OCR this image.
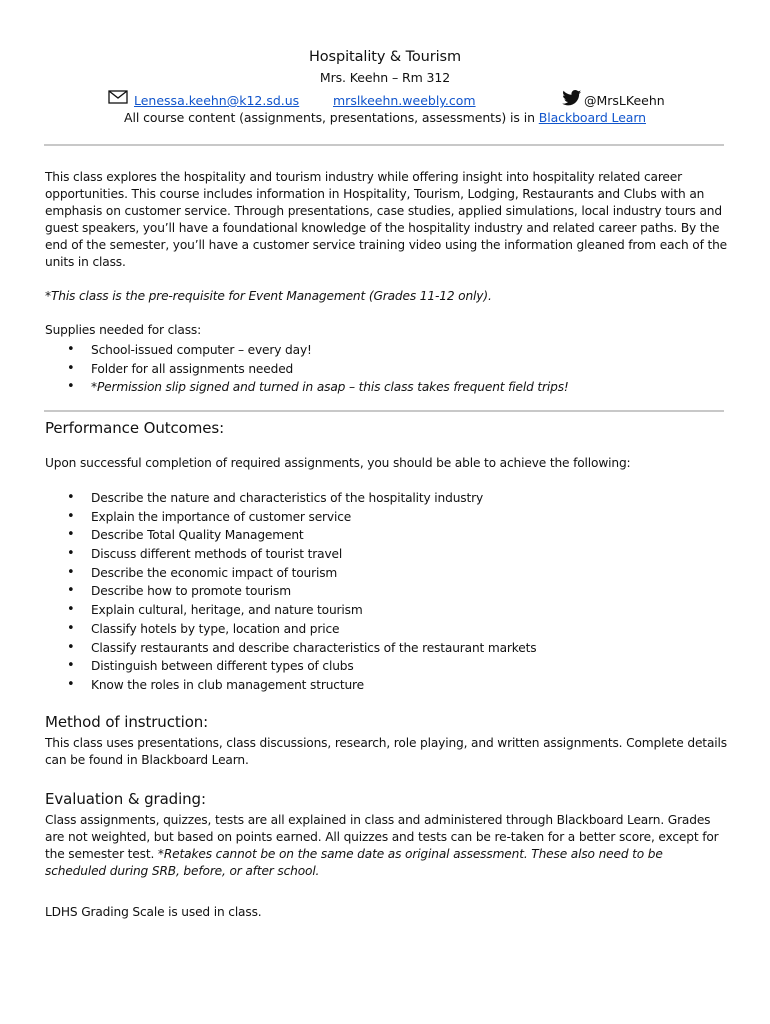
Hospitality & Tourism
Mrs. Keehn – Rm 312
Lenessa.keehn@k12.sd.us	mrslkeehn.weebly.com	@MrsLKeehn
All course content (assignments, presentations, assessments) is in Blackboard Learn
This class explores the hospitality and tourism industry while offering insight into hospitality related career opportunities. This course includes information in Hospitality, Tourism, Lodging, Restaurants and Clubs with an emphasis on customer service. Through presentations, case studies, applied simulations, local industry tours and guest speakers, you’ll have a foundational knowledge of the hospitality industry and related career paths. By the end of the semester, you’ll have a customer service training video using the information gleaned from each of the units in class.
*This class is the pre-requisite for Event Management (Grades 11-12 only).
Supplies needed for class:
• School-issued computer – every day!
• Folder for all assignments needed
• *Permission slip signed and turned in asap – this class takes frequent field trips!
Performance Outcomes:
Upon successful completion of required assignments, you should be able to achieve the following:
• Describe the nature and characteristics of the hospitality industry
• Explain the importance of customer service
• Describe Total Quality Management
• Discuss different methods of tourist travel
• Describe the economic impact of tourism
• Describe how to promote tourism
• Explain cultural, heritage, and nature tourism
• Classify hotels by type, location and price
• Classify restaurants and describe characteristics of the restaurant markets
• Distinguish between different types of clubs
• Know the roles in club management structure
Method of instruction:
This class uses presentations, class discussions, research, role playing, and written assignments. Complete details can be found in Blackboard Learn.
Evaluation & grading:
Class assignments, quizzes, tests are all explained in class and administered through Blackboard Learn. Grades are not weighted, but based on points earned. All quizzes and tests can be re-taken for a better score, except for the semester test. *Retakes cannot be on the same date as original assessment. These also need to be scheduled during SRB, before, or after school.
LDHS Grading Scale is used in class.
